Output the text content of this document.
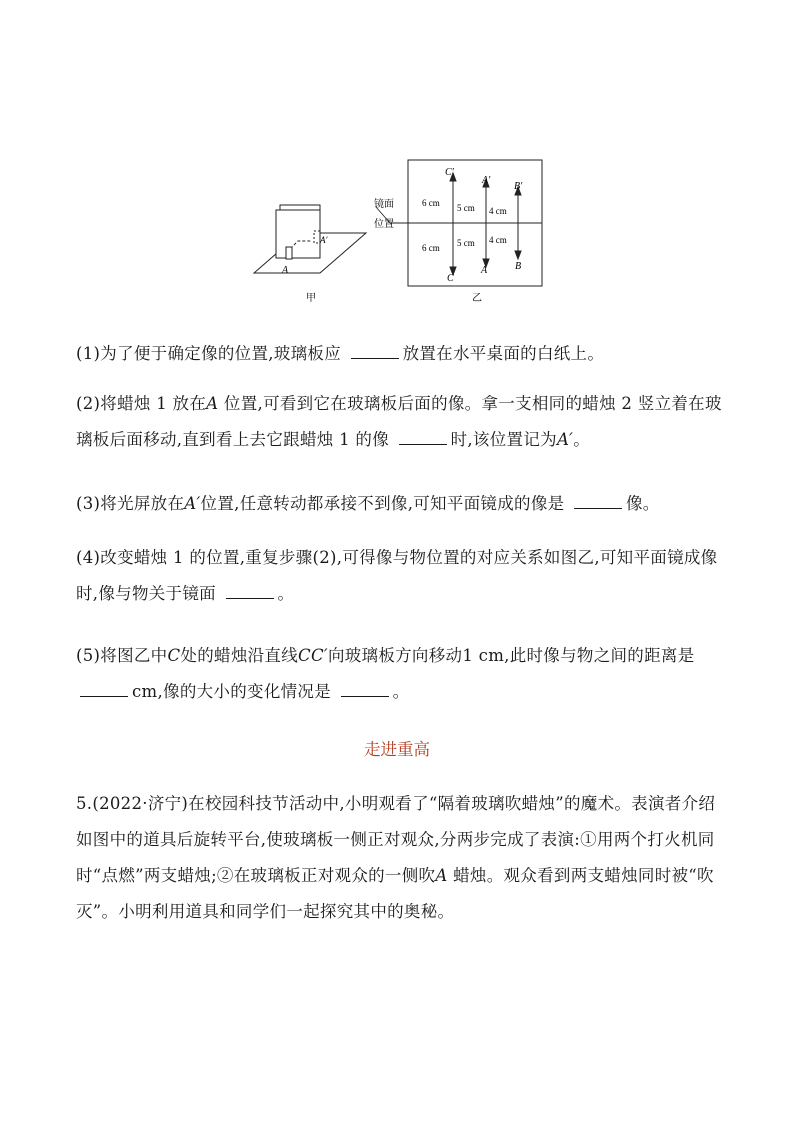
A
A′
甲
镜面
位置
C′
A′
B′
C
A	B
6 cm 5 cm 4 cm
6 cm 5 cm 4 cm
乙
(1)为了便于确定像的位置,玻璃板应	放置在水平桌面的白纸上。
(2)将蜡烛 1 放在A 位置,可看到它在玻璃板后面的像。拿一支相同的蜡烛 2 竖立着在玻璃板后面移动,直到看上去它跟蜡烛 1 的像	时,该位置记为A′。
(3)将光屏放在A′位置,任意转动都承接不到像,可知平面镜成的像是	像。
(4)改变蜡烛 1 的位置,重复步骤(2),可得像与物位置的对应关系如图乙,可知平面镜成像时,像与物关于镜面	。
(5)将图乙中C处的蜡烛沿直线CC′向玻璃板方向移动1 cm,此时像与物之间的距离是 cm,像的大小的变化情况是	。
走进重高
5.(2022·济宁)在校园科技节活动中,小明观看了“隔着玻璃吹蜡烛”的魔术。表演者介绍如图中的道具后旋转平台,使玻璃板一侧正对观众,分两步完成了表演:①用两个打火机同时“点燃”两支蜡烛;②在玻璃板正对观众的一侧吹A 蜡烛。观众看到两支蜡烛同时被“吹灭”。小明利用道具和同学们一起探究其中的奥秘。
